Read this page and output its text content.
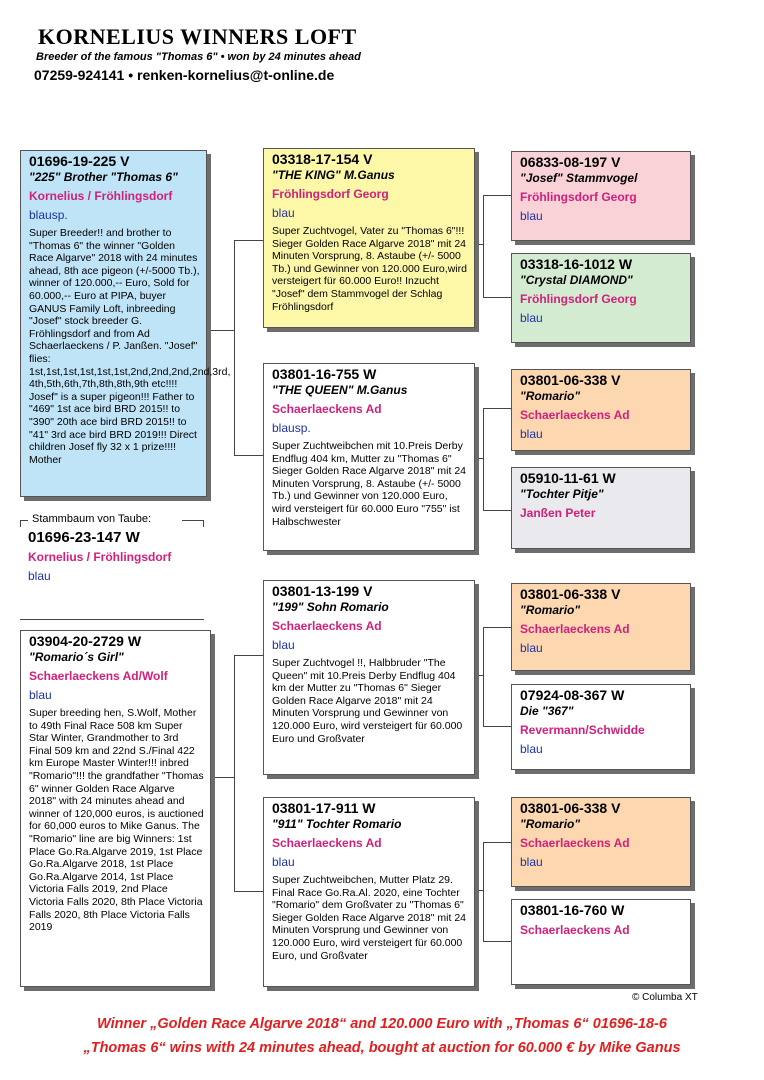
KORNELIUS WINNERS LOFT
Breeder of the famous "Thomas 6" • won by 24 minutes ahead
07259-924141 • renken-kornelius@t-online.de
01696-19-225 V
"225" Brother "Thomas 6"
Kornelius / Fröhlingsdorf
blausp.
Super Breeder!! and brother to "Thomas 6" the winner "Golden Race Algarve" 2018 with 24 minutes ahead, 8th ace pigeon (+/-5000 Tb.), winner of 120.000,-- Euro, Sold for 60.000,-- Euro at PIPA, buyer GANUS Family Loft, inbreeding "Josef" stock breeder G. Fröhlingsdorf and from Ad Schaerlaeckens / P. Janßen. "Josef" flies: 1st,1st,1st,1st,1st,1st,2nd,2nd,2nd,2nd,3rd, 4th,5th,6th,7th,8th,8th,9th etc!!!! Josef" is a super pigeon!!! Father to "469" 1st ace bird BRD 2015!! to "390" 20th ace bird BRD 2015!! to "41" 3rd ace bird BRD 2019!!! Direct children Josef fly 32 x 1 prize!!!! Mother
Stammbaum von Taube:
01696-23-147 W
Kornelius / Fröhlingsdorf
blau
03904-20-2729 W
"Romario´s Girl"
Schaerlaeckens Ad/Wolf
blau
Super breeding hen, S.Wolf, Mother to 49th Final Race 508 km Super Star Winter, Grandmother to 3rd Final 509 km and 22nd S./Final 422 km Europe Master Winter!!! inbred "Romario"!!! the grandfather "Thomas 6" winner Golden Race Algarve 2018" with 24 minutes ahead and winner of 120,000 euros, is auctioned for 60,000 euros to Mike Ganus. The "Romario" line are big Winners: 1st Place Go.Ra.Algarve 2019, 1st Place Go.Ra.Algarve 2018, 1st Place Go.Ra.Algarve 2014, 1st Place Victoria Falls 2019, 2nd Place Victoria Falls 2020, 8th Place Victoria Falls 2020, 8th Place Victoria Falls 2019
03318-17-154 V
"THE KING" M.Ganus
Fröhlingsdorf Georg
blau
Super Zuchtvogel, Vater zu "Thomas 6"!!! Sieger Golden Race Algarve 2018" mit 24 Minuten Vorsprung, 8. Astaube (+/- 5000 Tb.) und Gewinner von 120.000 Euro,wird versteigert für 60.000 Euro!! Inzucht "Josef" dem Stammvogel der Schlag Fröhlingsdorf
03801-16-755 W
"THE QUEEN" M.Ganus
Schaerlaeckens Ad
blausp.
Super Zuchtweibchen mit 10.Preis Derby Endflug 404 km, Mutter zu "Thomas 6" Sieger Golden Race Algarve 2018" mit 24 Minuten Vorsprung, 8. Astaube (+/- 5000 Tb.) und Gewinner von 120.000 Euro, wird versteigert für 60.000 Euro "755" ist Halbschwester
03801-13-199 V
"199" Sohn Romario
Schaerlaeckens Ad
blau
Super Zuchtvogel !!, Halbbruder "The Queen" mit 10.Preis Derby Endflug 404 km der Mutter zu "Thomas 6" Sieger Golden Race Algarve 2018" mit 24 Minuten Vorsprung und Gewinner von 120.000 Euro, wird versteigert für 60.000 Euro und Großvater
03801-17-911 W
"911" Tochter Romario
Schaerlaeckens Ad
blau
Super Zuchtweibchen, Mutter Platz 29. Final Race Go.Ra.Al. 2020, eine Tochter "Romario" dem Großvater zu "Thomas 6" Sieger Golden Race Algarve 2018" mit 24 Minuten Vorsprung und Gewinner von 120.000 Euro, wird versteigert für 60.000 Euro, und Großvater
06833-08-197 V
"Josef" Stammvogel
Fröhlingsdorf Georg
blau
03318-16-1012 W
"Crystal DIAMOND"
Fröhlingsdorf Georg
blau
03801-06-338 V
"Romario"
Schaerlaeckens Ad
blau
05910-11-61 W
"Tochter Pitje"
Janßen Peter
03801-06-338 V
"Romario"
Schaerlaeckens Ad
blau
07924-08-367 W
Die "367"
Revermann/Schwidde
blau
03801-06-338 V
"Romario"
Schaerlaeckens Ad
blau
03801-16-760 W
Schaerlaeckens Ad
© Columba XT
Winner „Golden Race Algarve 2018“ and 120.000 Euro with „Thomas 6“ 01696-18-6
„Thomas 6“ wins with 24 minutes ahead, bought at auction for 60.000 € by Mike Ganus
